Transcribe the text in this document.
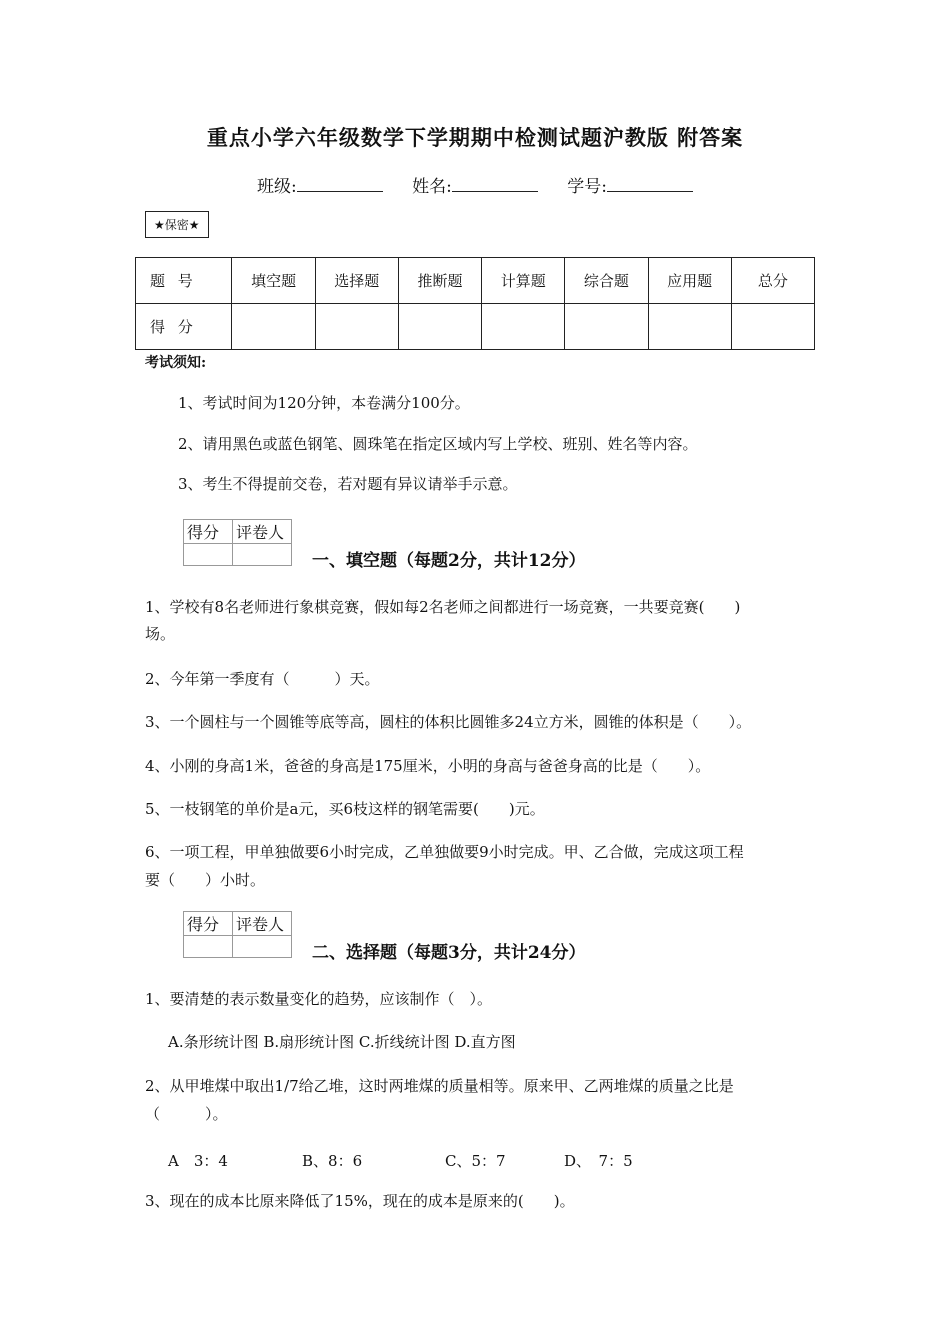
重点小学六年级数学下学期期中检测试题沪教版 附答案
班级:	姓名:	学号:
★保密★
题 号	填空题	选择题	推断题	计算题	综合题	应用题	总分
得 分							
考试须知:
1、考试时间为120分钟，本卷满分100分。
2、请用黑色或蓝色钢笔、圆珠笔在指定区域内写上学校、班别、姓名等内容。
3、考生不得提前交卷，若对题有异议请举手示意。
得分	评卷人

一、填空题（每题2分，共计12分）
1、学校有8名老师进行象棋竞赛，假如每2名老师之间都进行一场竞赛，一共要竞赛(　　)
场。
2、今年第一季度有（　　　）天。
3、一个圆柱与一个圆锥等底等高，圆柱的体积比圆锥多24立方米，圆锥的体积是（　　）。
4、小刚的身高1米，爸爸的身高是175厘米，小明的身高与爸爸身高的比是（　　）。
5、一枝钢笔的单价是a元，买6枝这样的钢笔需要(　　)元。
6、一项工程，甲单独做要6小时完成，乙单独做要9小时完成。甲、乙合做，完成这项工程
要（　　）小时。
得分	评卷人

二、选择题（每题3分，共计24分）
1、要清楚的表示数量变化的趋势，应该制作（　）。
A.条形统计图 B.扇形统计图 C.折线统计图 D.直方图
2、从甲堆煤中取出1/7给乙堆，这时两堆煤的质量相等。原来甲、乙两堆煤的质量之比是
（　　　）。
A　3：4	B、8：6	C、5：7	D、　7：5
3、现在的成本比原来降低了15%，现在的成本是原来的(　　)。
